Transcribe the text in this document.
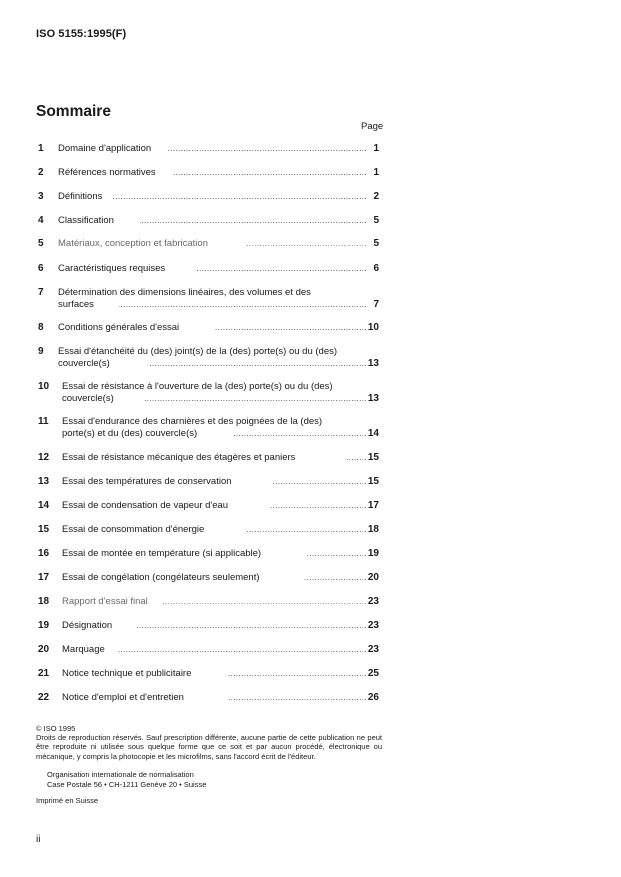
ISO 5155:1995(F)
Sommaire
Page
1	Domaine d'application .....	1
2	Références normatives .....	1
3	Définitions .....	2
4	Classification .....	5
5	Matériaux, conception et fabrication .....	5
6	Caractéristiques requises .....	6
7	Détermination des dimensions linéaires, des volumes et des
surfaces .....	7
8	Conditions générales d'essai .....	10
9	Essai d'étanchéité du (des) joint(s) de la (des) porte(s) ou du (des)
couvercle(s) .....	13
10	Essai de résistance à l'ouverture de la (des) porte(s) ou du (des)
couvercle(s) .....	13
11	Essai d'endurance des charnières et des poignées de la (des)
porte(s) et du (des) couvercle(s) .....	14
12	Essai de résistance mécanique des étagères et paniers .....	15
13	Essai des températures de conservation .....	15
14	Essai de condensation de vapeur d'eau .....	17
15	Essai de consommation d'énergie .....	18
16	Essai de montée en température (si applicable) .....	19
17	Essai de congélation (congélateurs seulement) .....	20
18	Rapport d'essai final .....	23
19	Désignation .....	23
20	Marquage .....	23
21	Notice technique et publicitaire .....	25
22	Notice d'emploi et d'entretien .....	26

© ISO 1995

Droits de reproduction réservés. Sauf prescription différente, aucune partie de cette publication ne peut être reproduite ni utilisée sous quelque forme que ce soit et par aucun procédé, électronique ou mécanique, y compris la photocopie et les microfilms, sans l'accord écrit de l'éditeur.

Organisation internationale de normalisation
Case Postale 56 • CH-1211 Genève 20 • Suisse
Imprimé en Suisse
ii
